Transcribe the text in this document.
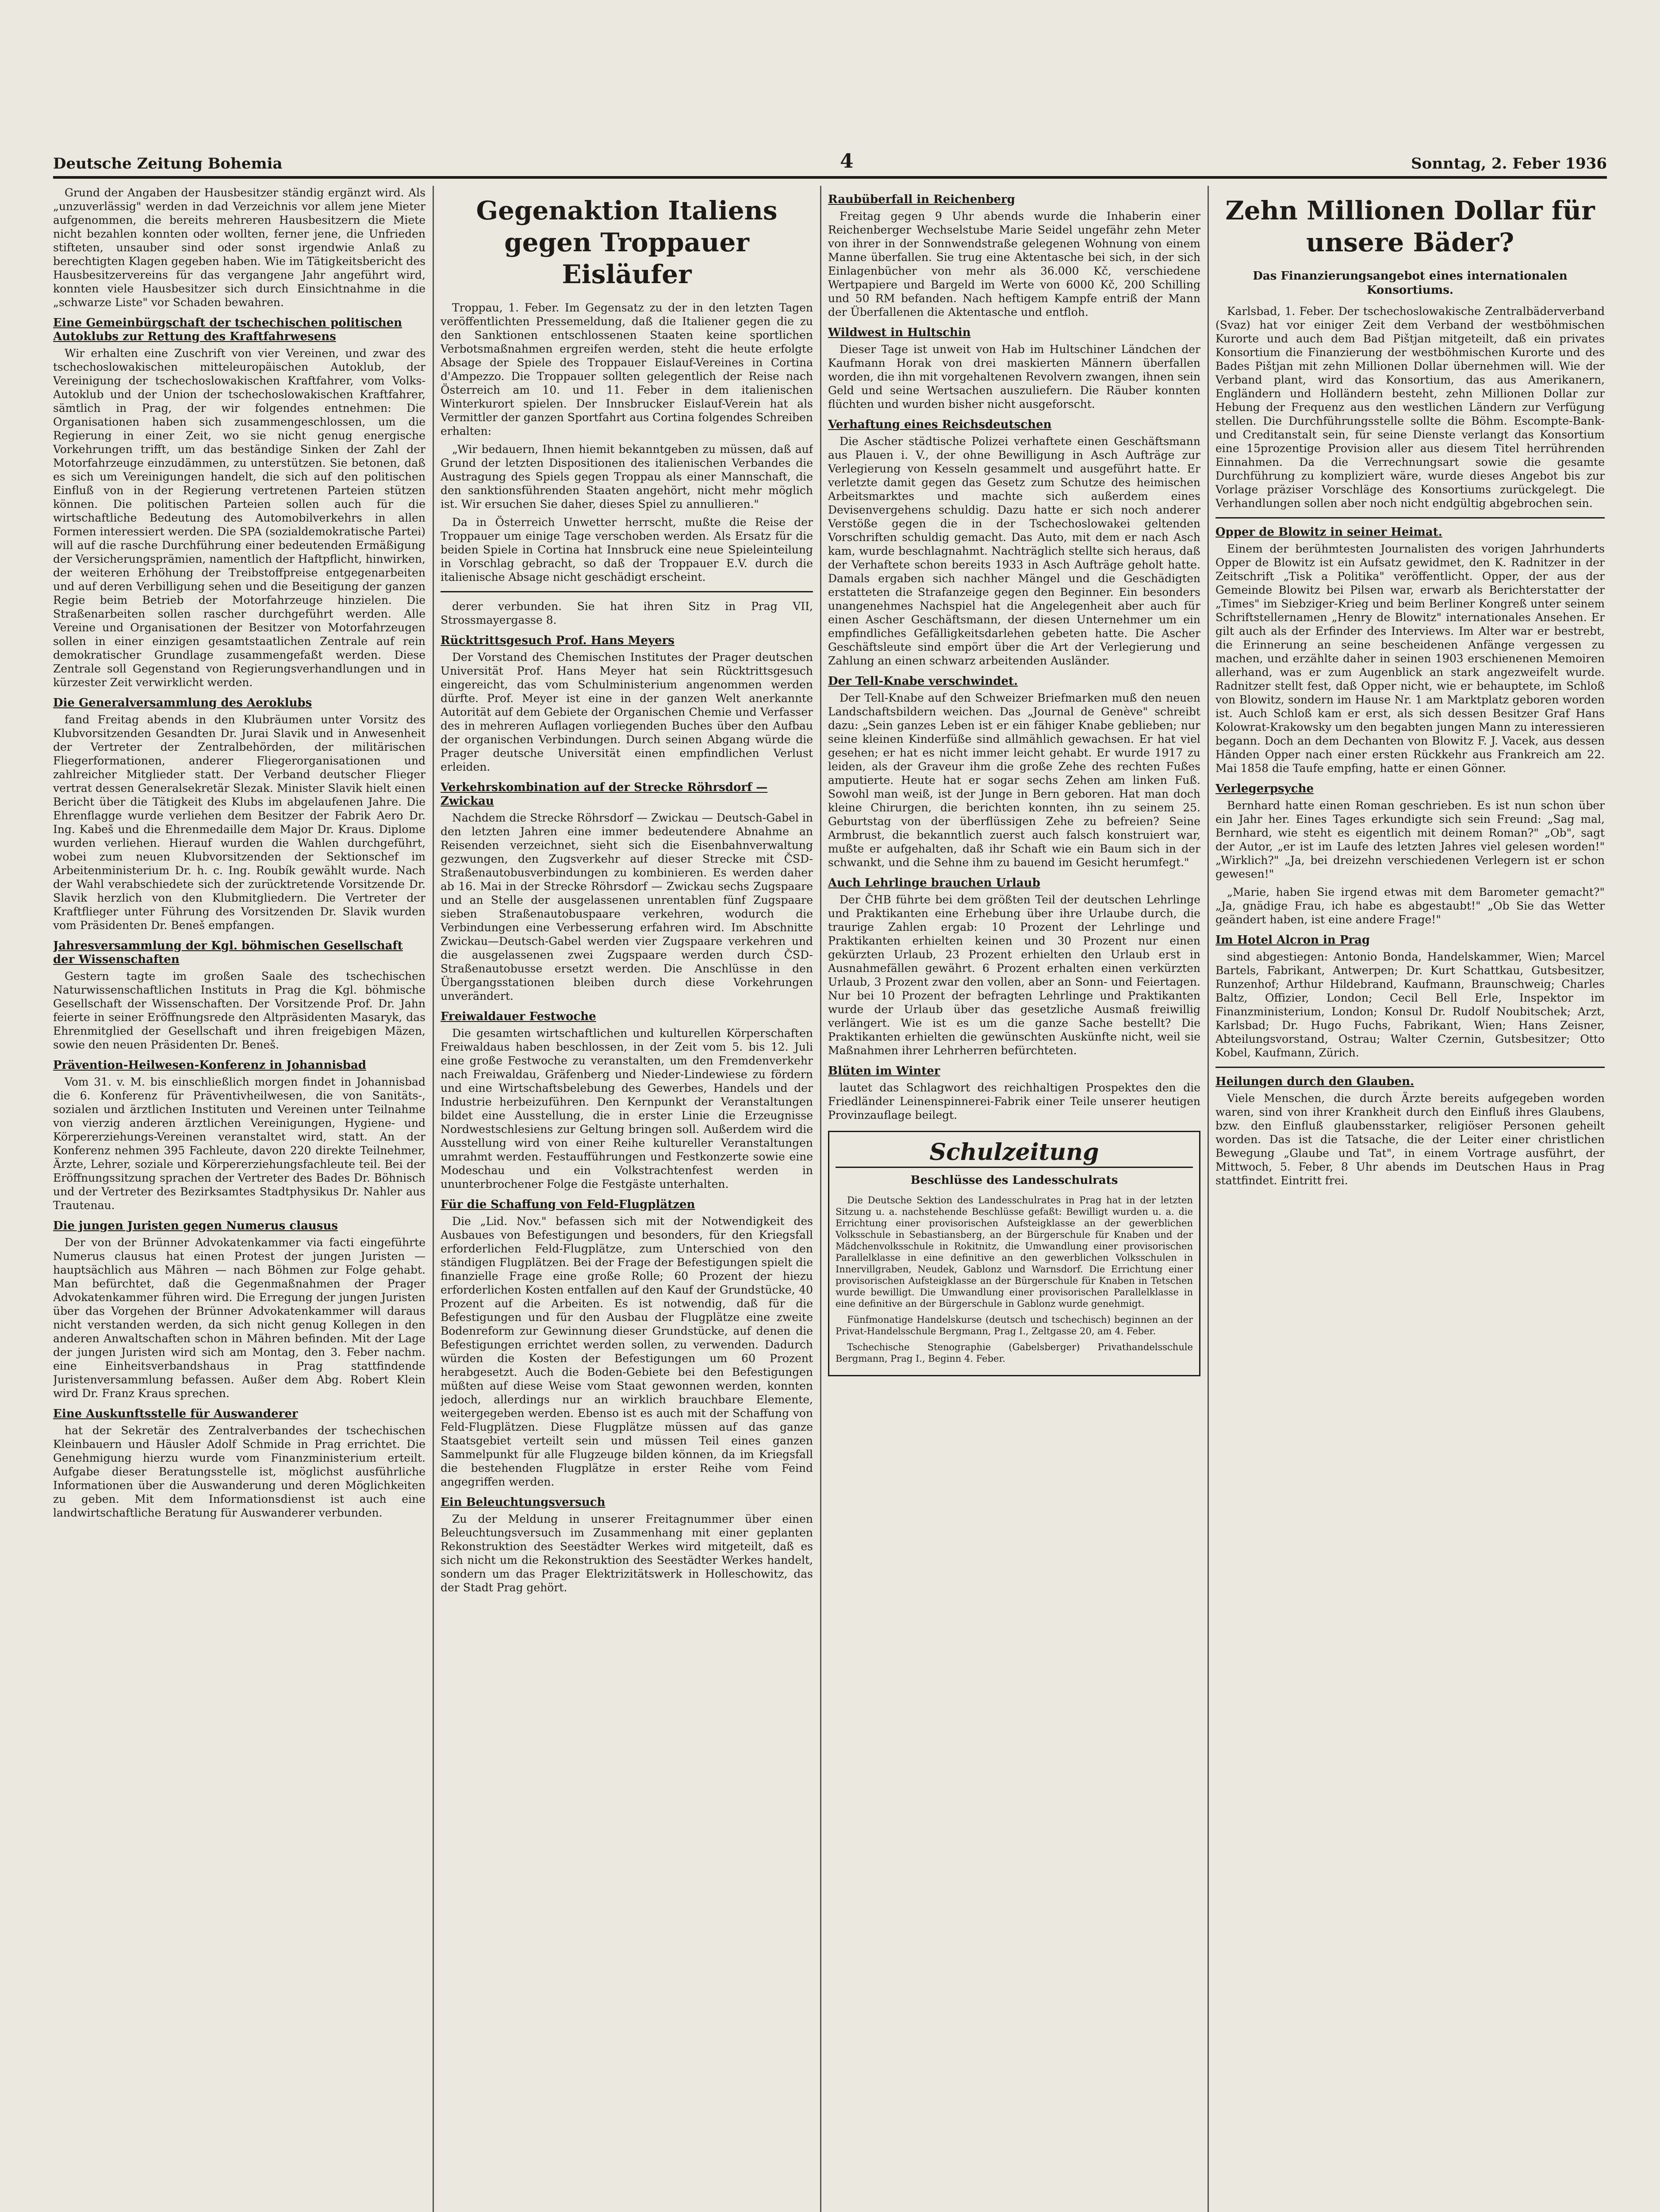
Deutsche Zeitung Bohemia	4	Sonntag, 2. Feber 1936

Grund der Angaben der Hausbesitzer ständig ergänzt wird. Als „unzuverlässig" werden in dad Verzeichnis vor allem jene Mieter aufgenommen, die bereits mehreren Hausbesitzern die Miete nicht bezahlen konnten oder wollten, ferner jene, die Unfrieden stifteten, unsauber sind oder sonst irgendwie Anlaß zu berechtigten Klagen gegeben haben. Wie im Tätigkeitsbericht des Hausbesitzervereins für das vergangene Jahr angeführt wird, konnten viele Hausbesitzer sich durch Einsichtnahme in die „schwarze Liste" vor Schaden bewahren.

Eine Gemeinbürgschaft der tschechischen politischen Autoklubs zur Rettung des Kraftfahrwesens

Wir erhalten eine Zuschrift von vier Vereinen, und zwar des tschechoslowakischen mitteleuropäischen Autoklub, der Vereinigung der tschechoslowakischen Kraftfahrer, vom Volks-Autoklub und der Union der tschechoslowakischen Kraftfahrer, sämtlich in Prag, der wir folgendes entnehmen: Die Organisationen haben sich zusammengeschlossen, um die Regierung in einer Zeit, wo sie nicht genug energische Vorkehrungen trifft, um das beständige Sinken der Zahl der Motorfahrzeuge einzudämmen, zu unterstützen. Sie betonen, daß es sich um Vereinigungen handelt, die sich auf den politischen Einfluß von in der Regierung vertretenen Parteien stützen können. Die politischen Parteien sollen auch für die wirtschaftliche Bedeutung des Automobilverkehrs in allen Formen interessiert werden. Die SPA (sozialdemokratische Partei) will auf die rasche Durchführung einer bedeutenden Ermäßigung der Versicherungsprämien, namentlich der Haftpflicht, hinwirken, der weiteren Erhöhung der Treibstoffpreise entgegenarbeiten und auf deren Verbilligung sehen und die Beseitigung der ganzen Regie beim Betrieb der Motorfahrzeuge hinzielen. Die Straßenarbeiten sollen rascher durchgeführt werden. Alle Vereine und Organisationen der Besitzer von Motorfahrzeugen sollen in einer einzigen gesamtstaatlichen Zentrale auf rein demokratischer Grundlage zusammengefaßt werden. Diese Zentrale soll Gegenstand von Regierungsverhandlungen und in kürzester Zeit verwirklicht werden.

Die Generalversammlung des Aeroklubs

fand Freitag abends in den Klubräumen unter Vorsitz des Klubvorsitzenden Gesandten Dr. Jurai Slavik und in Anwesenheit der Vertreter der Zentralbehörden, der militärischen Fliegerformationen, anderer Fliegerorganisationen und zahlreicher Mitglieder statt. Der Verband deutscher Flieger vertrat dessen Generalsekretär Slezak. Minister Slavik hielt einen Bericht über die Tätigkeit des Klubs im abgelaufenen Jahre. Die Ehrenflagge wurde verliehen dem Besitzer der Fabrik Aero Dr. Ing. Kabeš und die Ehrenmedaille dem Major Dr. Kraus. Diplome wurden verliehen. Hierauf wurden die Wahlen durchgeführt, wobei zum neuen Klubvorsitzenden der Sektionschef im Arbeitenministerium Dr. h. c. Ing. Roubík gewählt wurde. Nach der Wahl verabschiedete sich der zurücktretende Vorsitzende Dr. Slavik herzlich von den Klubmitgliedern. Die Vertreter der Kraftflieger unter Führung des Vorsitzenden Dr. Slavik wurden vom Präsidenten Dr. Beneš empfangen.

Jahresversammlung der Kgl. böhmischen Gesellschaft der Wissenschaften

Gestern tagte im großen Saale des tschechischen Naturwissenschaftlichen Instituts in Prag die Kgl. böhmische Gesellschaft der Wissenschaften. Der Vorsitzende Prof. Dr. Jahn feierte in seiner Eröffnungsrede den Altpräsidenten Masaryk, das Ehrenmitglied der Gesellschaft und ihren freigebigen Mäzen, sowie den neuen Präsidenten Dr. Beneš.

Prävention-Heilwesen-Konferenz in Johannisbad

Vom 31. v. M. bis einschließlich morgen findet in Johannisbad die 6. Konferenz für Präventivheilwesen, die von Sanitäts-, sozialen und ärztlichen Instituten und Vereinen unter Teilnahme von vierzig anderen ärztlichen Vereinigungen, Hygiene- und Körpererziehungs-Vereinen veranstaltet wird, statt. An der Konferenz nehmen 395 Fachleute, davon 220 direkte Teilnehmer, Ärzte, Lehrer, soziale und Körpererziehungsfachleute teil. Bei der Eröffnungssitzung sprachen der Vertreter des Bades Dr. Böhnisch und der Vertreter des Bezirksamtes Stadtphysikus Dr. Nahler aus Trautenau.

Die jungen Juristen gegen Numerus clausus

Der von der Brünner Advokatenkammer via facti eingeführte Numerus clausus hat einen Protest der jungen Juristen — hauptsächlich aus Mähren — nach Böhmen zur Folge gehabt. Man befürchtet, daß die Gegenmaßnahmen der Prager Advokatenkammer führen wird. Die Erregung der jungen Juristen über das Vorgehen der Brünner Advokatenkammer will daraus nicht verstanden werden, da sich nicht genug Kollegen in den anderen Anwaltschaften schon in Mähren befinden. Mit der Lage der jungen Juristen wird sich am Montag, den 3. Feber nachm. eine Einheitsverbandshaus in Prag stattfindende Juristenversammlung befassen. Außer dem Abg. Robert Klein wird Dr. Franz Kraus sprechen.

Eine Auskunftsstelle für Auswanderer

hat der Sekretär des Zentralverbandes der tschechischen Kleinbauern und Häusler Adolf Schmide in Prag errichtet. Die Genehmigung hierzu wurde vom Finanzministerium erteilt. Aufgabe dieser Beratungsstelle ist, möglichst ausführliche Informationen über die Auswanderung und deren Möglichkeiten zu geben. Mit dem Informationsdienst ist auch eine landwirtschaftliche Beratung für Auswanderer verbunden.

Gegenaktion Italiens gegen Troppauer Eisläufer

Troppau, 1. Feber. Im Gegensatz zu der in den letzten Tagen veröffentlichten Pressemeldung, daß die Italiener gegen die zu den Sanktionen entschlossenen Staaten keine sportlichen Verbotsmaßnahmen ergreifen werden, steht die heute erfolgte Absage der Spiele des Troppauer Eislauf-Vereines in Cortina d'Ampezzo. Die Troppauer sollten gelegentlich der Reise nach Österreich am 10. und 11. Feber in dem italienischen Winterkurort spielen. Der Innsbrucker Eislauf-Verein hat als Vermittler der ganzen Sportfahrt aus Cortina folgendes Schreiben erhalten:

„Wir bedauern, Ihnen hiemit bekanntgeben zu müssen, daß auf Grund der letzten Dispositionen des italienischen Verbandes die Austragung des Spiels gegen Troppau als einer Mannschaft, die den sanktionsführenden Staaten angehört, nicht mehr möglich ist. Wir ersuchen Sie daher, dieses Spiel zu annullieren."

Da in Österreich Unwetter herrscht, mußte die Reise der Troppauer um einige Tage verschoben werden. Als Ersatz für die beiden Spiele in Cortina hat Innsbruck eine neue Spieleinteilung in Vorschlag gebracht, so daß der Troppauer E.V. durch die italienische Absage nicht geschädigt erscheint.

derer verbunden. Sie hat ihren Sitz in Prag VII, Strossmayergasse 8.

Rücktrittsgesuch Prof. Hans Meyers

Der Vorstand des Chemischen Institutes der Prager deutschen Universität Prof. Hans Meyer hat sein Rücktrittsgesuch eingereicht, das vom Schulministerium angenommen werden dürfte. Prof. Meyer ist eine in der ganzen Welt anerkannte Autorität auf dem Gebiete der Organischen Chemie und Verfasser des in mehreren Auflagen vorliegenden Buches über den Aufbau der organischen Verbindungen. Durch seinen Abgang würde die Prager deutsche Universität einen empfindlichen Verlust erleiden.

Verkehrskombination auf der Strecke Röhrsdorf — Zwickau

Nachdem die Strecke Röhrsdorf — Zwickau — Deutsch-Gabel in den letzten Jahren eine immer bedeutendere Abnahme an Reisenden verzeichnet, sieht sich die Eisenbahnverwaltung gezwungen, den Zugsverkehr auf dieser Strecke mit ČSD-Straßenautobusverbindungen zu kombinieren. Es werden daher ab 16. Mai in der Strecke Röhrsdorf — Zwickau sechs Zugspaare und an Stelle der ausgelassenen unrentablen fünf Zugspaare sieben Straßenautobuspaare verkehren, wodurch die Verbindungen eine Verbesserung erfahren wird. Im Abschnitte Zwickau—Deutsch-Gabel werden vier Zugspaare verkehren und die ausgelassenen zwei Zugspaare werden durch ČSD-Straßenautobusse ersetzt werden. Die Anschlüsse in den Übergangsstationen bleiben durch diese Vorkehrungen unverändert.

Freiwaldauer Festwoche

Die gesamten wirtschaftlichen und kulturellen Körperschaften Freiwaldaus haben beschlossen, in der Zeit vom 5. bis 12. Juli eine große Festwoche zu veranstalten, um den Fremdenverkehr nach Freiwaldau, Gräfenberg und Nieder-Lindewiese zu fördern und eine Wirtschaftsbelebung des Gewerbes, Handels und der Industrie herbeizuführen. Den Kernpunkt der Veranstaltungen bildet eine Ausstellung, die in erster Linie die Erzeugnisse Nordwestschlesiens zur Geltung bringen soll. Außerdem wird die Ausstellung wird von einer Reihe kultureller Veranstaltungen umrahmt werden. Festaufführungen und Festkonzerte sowie eine Modeschau und ein Volkstrachtenfest werden in ununterbrochener Folge die Festgäste unterhalten.

Für die Schaffung von Feld-Flugplätzen

Die „Lid. Nov." befassen sich mit der Notwendigkeit des Ausbaues von Befestigungen und besonders, für den Kriegsfall erforderlichen Feld-Flugplätze, zum Unterschied von den ständigen Flugplätzen. Bei der Frage der Befestigungen spielt die finanzielle Frage eine große Rolle; 60 Prozent der hiezu erforderlichen Kosten entfallen auf den Kauf der Grundstücke, 40 Prozent auf die Arbeiten. Es ist notwendig, daß für die Befestigungen und für den Ausbau der Flugplätze eine zweite Bodenreform zur Gewinnung dieser Grundstücke, auf denen die Befestigungen errichtet werden sollen, zu verwenden. Dadurch würden die Kosten der Befestigungen um 60 Prozent herabgesetzt. Auch die Boden-Gebiete bei den Befestigungen müßten auf diese Weise vom Staat gewonnen werden, konnten jedoch, allerdings nur an wirklich brauchbare Elemente, weitergegeben werden. Ebenso ist es auch mit der Schaffung von Feld-Flugplätzen. Diese Flugplätze müssen auf das ganze Staatsgebiet verteilt sein und müssen Teil eines ganzen Sammelpunkt für alle Flugzeuge bilden können, da im Kriegsfall die bestehenden Flugplätze in erster Reihe vom Feind angegriffen werden.

Ein Beleuchtungsversuch

Zu der Meldung in unserer Freitagnummer über einen Beleuchtungsversuch im Zusammenhang mit einer geplanten Rekonstruktion des Seestädter Werkes wird mitgeteilt, daß es sich nicht um die Rekonstruktion des Seestädter Werkes handelt, sondern um das Prager Elektrizitätswerk in Holleschowitz, das der Stadt Prag gehört.

Raubüberfall in Reichenberg

Freitag gegen 9 Uhr abends wurde die Inhaberin einer Reichenberger Wechselstube Marie Seidel ungefähr zehn Meter von ihrer in der Sonnwendstraße gelegenen Wohnung von einem Manne überfallen. Sie trug eine Aktentasche bei sich, in der sich Einlagenbücher von mehr als 36.000 Kč, verschiedene Wertpapiere und Bargeld im Werte von 6000 Kč, 200 Schilling und 50 RM befanden. Nach heftigem Kampfe entriß der Mann der Überfallenen die Aktentasche und entfloh.

Wildwest in Hultschin

Dieser Tage ist unweit von Hab im Hultschiner Ländchen der Kaufmann Horak von drei maskierten Männern überfallen worden, die ihn mit vorgehaltenen Revolvern zwangen, ihnen sein Geld und seine Wertsachen auszuliefern. Die Räuber konnten flüchten und wurden bisher nicht ausgeforscht.

Verhaftung eines Reichsdeutschen

Die Ascher städtische Polizei verhaftete einen Geschäftsmann aus Plauen i. V., der ohne Bewilligung in Asch Aufträge zur Verlegierung von Kesseln gesammelt und ausgeführt hatte. Er verletzte damit gegen das Gesetz zum Schutze des heimischen Arbeitsmarktes und machte sich außerdem eines Devisenvergehens schuldig. Dazu hatte er sich noch anderer Verstöße gegen die in der Tschechoslowakei geltenden Vorschriften schuldig gemacht. Das Auto, mit dem er nach Asch kam, wurde beschlagnahmt. Nachträglich stellte sich heraus, daß der Verhaftete schon bereits 1933 in Asch Aufträge geholt hatte. Damals ergaben sich nachher Mängel und die Geschädigten erstatteten die Strafanzeige gegen den Beginner. Ein besonders unangenehmes Nachspiel hat die Angelegenheit aber auch für einen Ascher Geschäftsmann, der diesen Unternehmer um ein empfindliches Gefälligkeitsdarlehen gebeten hatte. Die Ascher Geschäftsleute sind empört über die Art der Verlegierung und Zahlung an einen schwarz arbeitenden Ausländer.

Der Tell-Knabe verschwindet.

Der Tell-Knabe auf den Schweizer Briefmarken muß den neuen Landschaftsbildern weichen. Das „Journal de Genève" schreibt dazu: „Sein ganzes Leben ist er ein fähiger Knabe geblieben; nur seine kleinen Kinderfüße sind allmählich gewachsen. Er hat viel gesehen; er hat es nicht immer leicht gehabt. Er wurde 1917 zu leiden, als der Graveur ihm die große Zehe des rechten Fußes amputierte. Heute hat er sogar sechs Zehen am linken Fuß. Sowohl man weiß, ist der Junge in Bern geboren. Hat man doch kleine Chirurgen, die berichten konnten, ihn zu seinem 25. Geburtstag von der überflüssigen Zehe zu befreien? Seine Armbrust, die bekanntlich zuerst auch falsch konstruiert war, mußte er aufgehalten, daß ihr Schaft wie ein Baum sich in der schwankt, und die Sehne ihm zu bauend im Gesicht herumfegt."

Auch Lehrlinge brauchen Urlaub

Der ČHB führte bei dem größten Teil der deutschen Lehrlinge und Praktikanten eine Erhebung über ihre Urlaube durch, die traurige Zahlen ergab: 10 Prozent der Lehrlinge und Praktikanten erhielten keinen und 30 Prozent nur einen gekürzten Urlaub, 23 Prozent erhielten den Urlaub erst in Ausnahmefällen gewährt. 6 Prozent erhalten einen verkürzten Urlaub, 3 Prozent zwar den vollen, aber an Sonn- und Feiertagen. Nur bei 10 Prozent der befragten Lehrlinge und Praktikanten wurde der Urlaub über das gesetzliche Ausmaß freiwillig verlängert. Wie ist es um die ganze Sache bestellt? Die Praktikanten erhielten die gewünschten Auskünfte nicht, weil sie Maßnahmen ihrer Lehrherren befürchteten.

Blüten im Winter

lautet das Schlagwort des reichhaltigen Prospektes den die Friedländer Leinenspinnerei-Fabrik einer Teile unserer heutigen Provinzauflage beilegt.

Schulzeitung
Beschlüsse des Landesschulrats

Die Deutsche Sektion des Landesschulrates in Prag hat in der letzten Sitzung u. a. nachstehende Beschlüsse gefaßt: Bewilligt wurden u. a. die Errichtung einer provisorischen Aufsteigklasse an der gewerblichen Volksschule in Sebastiansberg, an der Bürgerschule für Knaben und der Mädchenvolksschule in Rokitnitz, die Umwandlung einer provisorischen Parallelklasse in eine definitive an den gewerblichen Volksschulen in Innervillgraben, Neudek, Gablonz und Warnsdorf. Die Errichtung einer provisorischen Aufsteigklasse an der Bürgerschule für Knaben in Tetschen wurde bewilligt. Die Umwandlung einer provisorischen Parallelklasse in eine definitive an der Bürgerschule in Gablonz wurde genehmigt.

Fünfmonatige Handelskurse (deutsch und tschechisch) beginnen an der Privat-Handelsschule Bergmann, Prag I., Zeltgasse 20, am 4. Feber.

Tschechische Stenographie (Gabelsberger) Privathandelsschule Bergmann, Prag I., Beginn 4. Feber.

Zehn Millionen Dollar für unsere Bäder?
Das Finanzierungsangebot eines internationalen Konsortiums.

Karlsbad, 1. Feber. Der tschechoslowakische Zentralbäderverband (Svaz) hat vor einiger Zeit dem Verband der westböhmischen Kurorte und auch dem Bad Pištjan mitgeteilt, daß ein privates Konsortium die Finanzierung der westböhmischen Kurorte und des Bades Pištjan mit zehn Millionen Dollar übernehmen will. Wie der Verband plant, wird das Konsortium, das aus Amerikanern, Engländern und Holländern besteht, zehn Millionen Dollar zur Hebung der Frequenz aus den westlichen Ländern zur Verfügung stellen. Die Durchführungsstelle sollte die Böhm. Escompte-Bank- und Creditanstalt sein, für seine Dienste verlangt das Konsortium eine 15prozentige Provision aller aus diesem Titel herrührenden Einnahmen. Da die Verrechnungsart sowie die gesamte Durchführung zu kompliziert wäre, wurde dieses Angebot bis zur Vorlage präziser Vorschläge des Konsortiums zurückgelegt. Die Verhandlungen sollen aber noch nicht endgültig abgebrochen sein.

Opper de Blowitz in seiner Heimat.

Einem der berühmtesten Journalisten des vorigen Jahrhunderts Opper de Blowitz ist ein Aufsatz gewidmet, den K. Radnitzer in der Zeitschrift „Tisk a Politika" veröffentlicht. Opper, der aus der Gemeinde Blowitz bei Pilsen war, erwarb als Berichterstatter der „Times" im Siebziger-Krieg und beim Berliner Kongreß unter seinem Schriftstellernamen „Henry de Blowitz" internationales Ansehen. Er gilt auch als der Erfinder des Interviews. Im Alter war er bestrebt, die Erinnerung an seine bescheidenen Anfänge vergessen zu machen, und erzählte daher in seinen 1903 erschienenen Memoiren allerhand, was er zum Augenblick an stark angezweifelt wurde. Radnitzer stellt fest, daß Opper nicht, wie er behauptete, im Schloß von Blowitz, sondern im Hause Nr. 1 am Marktplatz geboren worden ist. Auch Schloß kam er erst, als sich dessen Besitzer Graf Hans Kolowrat-Krakowsky um den begabten jungen Mann zu interessieren begann. Doch an dem Dechanten von Blowitz F. J. Vacek, aus dessen Händen Opper nach einer ersten Rückkehr aus Frankreich am 22. Mai 1858 die Taufe empfing, hatte er einen Gönner.

Verlegerpsyche

Bernhard hatte einen Roman geschrieben. Es ist nun schon über ein Jahr her. Eines Tages erkundigte sich sein Freund: „Sag mal, Bernhard, wie steht es eigentlich mit deinem Roman?" „Ob", sagt der Autor, „er ist im Laufe des letzten Jahres viel gelesen worden!" „Wirklich?" „Ja, bei dreizehn verschiedenen Verlegern ist er schon gewesen!"

„Marie, haben Sie irgend etwas mit dem Barometer gemacht?" „Ja, gnädige Frau, ich habe es abgestaubt!" „Ob Sie das Wetter geändert haben, ist eine andere Frage!"

Im Hotel Alcron in Prag

sind abgestiegen: Antonio Bonda, Handelskammer, Wien; Marcel Bartels, Fabrikant, Antwerpen; Dr. Kurt Schattkau, Gutsbesitzer, Runzenhof; Arthur Hildebrand, Kaufmann, Braunschweig; Charles Baltz, Offizier, London; Cecil Bell Erle, Inspektor im Finanzministerium, London; Konsul Dr. Rudolf Noubitschek; Arzt, Karlsbad; Dr. Hugo Fuchs, Fabrikant, Wien; Hans Zeisner, Abteilungsvorstand, Ostrau; Walter Czernin, Gutsbesitzer; Otto Kobel, Kaufmann, Zürich.

Heilungen durch den Glauben.

Viele Menschen, die durch Ärzte bereits aufgegeben worden waren, sind von ihrer Krankheit durch den Einfluß ihres Glaubens, bzw. den Einfluß glaubensstarker, religiöser Personen geheilt worden. Das ist die Tatsache, die der Leiter einer christlichen Bewegung „Glaube und Tat", in einem Vortrage ausführt, der Mittwoch, 5. Feber, 8 Uhr abends im Deutschen Haus in Prag stattfindet. Eintritt frei.
